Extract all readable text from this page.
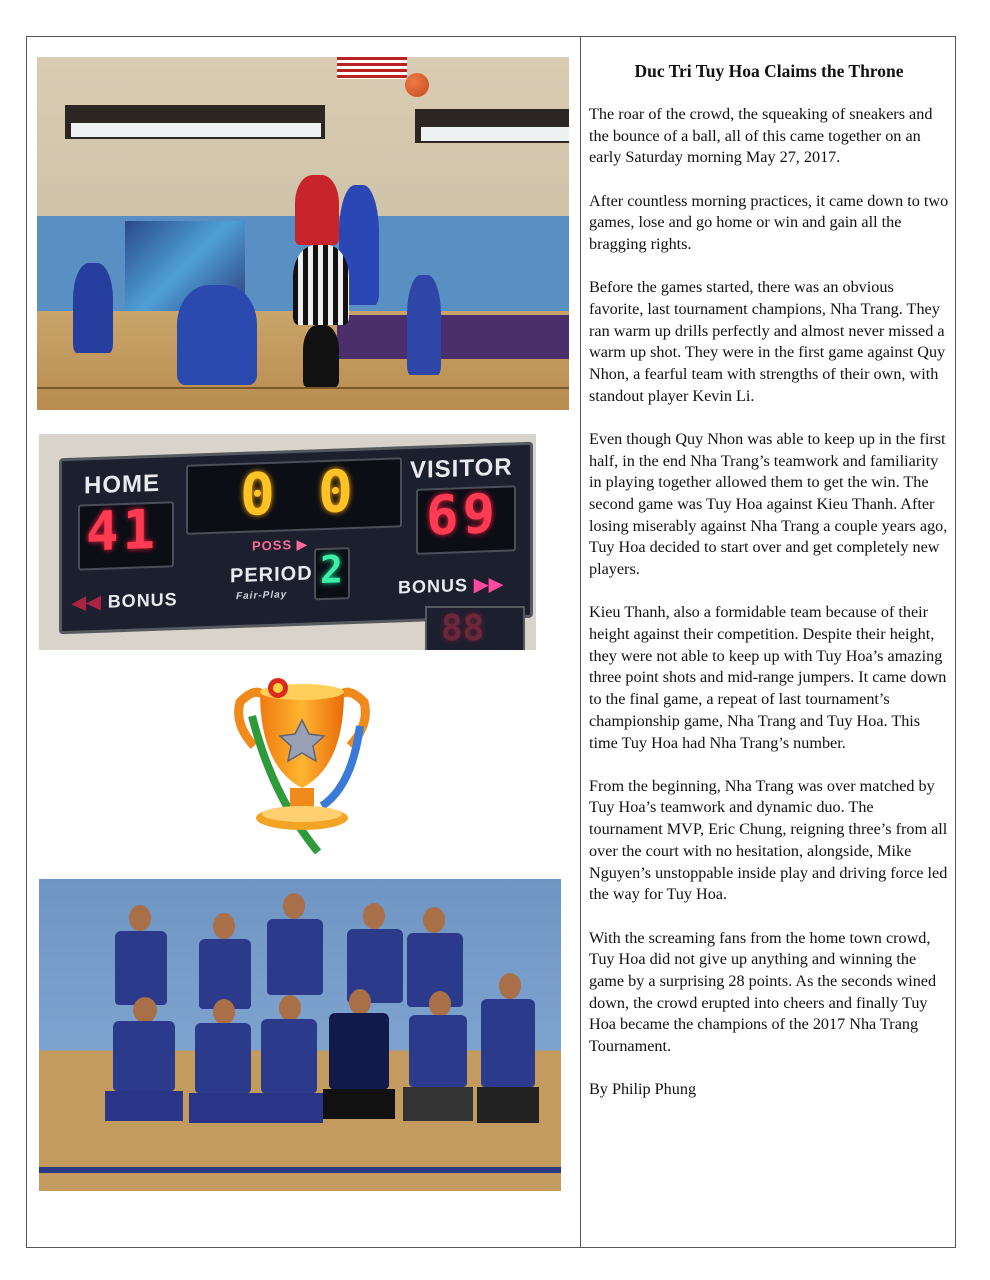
HOME
VISITOR
41	69
0 0
POSS ▶
PERIOD 2
Fair-Play
◀◀ BONUS
BONUS ▶▶
88
Duc Tri Tuy Hoa Claims the Throne

The roar of the crowd, the squeaking of sneakers and the bounce of a ball, all of this came together on an early Saturday morning May 27, 2017.

After countless morning practices, it came down to two games, lose and go home or win and gain all the bragging rights.

Before the games started, there was an obvious favorite, last tournament champions, Nha Trang. They ran warm up drills perfectly and almost never missed a warm up shot. They were in the first game against Quy Nhon, a fearful team with strengths of their own, with standout player Kevin Li.

Even though Quy Nhon was able to keep up in the first half, in the end Nha Trang’s teamwork and familiarity in playing together allowed them to get the win. The second game was Tuy Hoa against Kieu Thanh. After losing miserably against Nha Trang a couple years ago, Tuy Hoa decided to start over and get completely new players.

Kieu Thanh, also a formidable team because of their height against their competition. Despite their height, they were not able to keep up with Tuy Hoa’s amazing three point shots and mid-range jumpers. It came down to the final game, a repeat of last tournament’s championship game, Nha Trang and Tuy Hoa. This time Tuy Hoa had Nha Trang’s number.

From the beginning, Nha Trang was over matched by Tuy Hoa’s teamwork and dynamic duo. The tournament MVP, Eric Chung, reigning three’s from all over the court with no hesitation, alongside, Mike Nguyen’s unstoppable inside play and driving force led the way for Tuy Hoa.

With the screaming fans from the home town crowd, Tuy Hoa did not give up anything and winning the game by a surprising 28 points. As the seconds wined down, the crowd erupted into cheers and finally Tuy Hoa became the champions of the 2017 Nha Trang Tournament.

By Philip Phung
